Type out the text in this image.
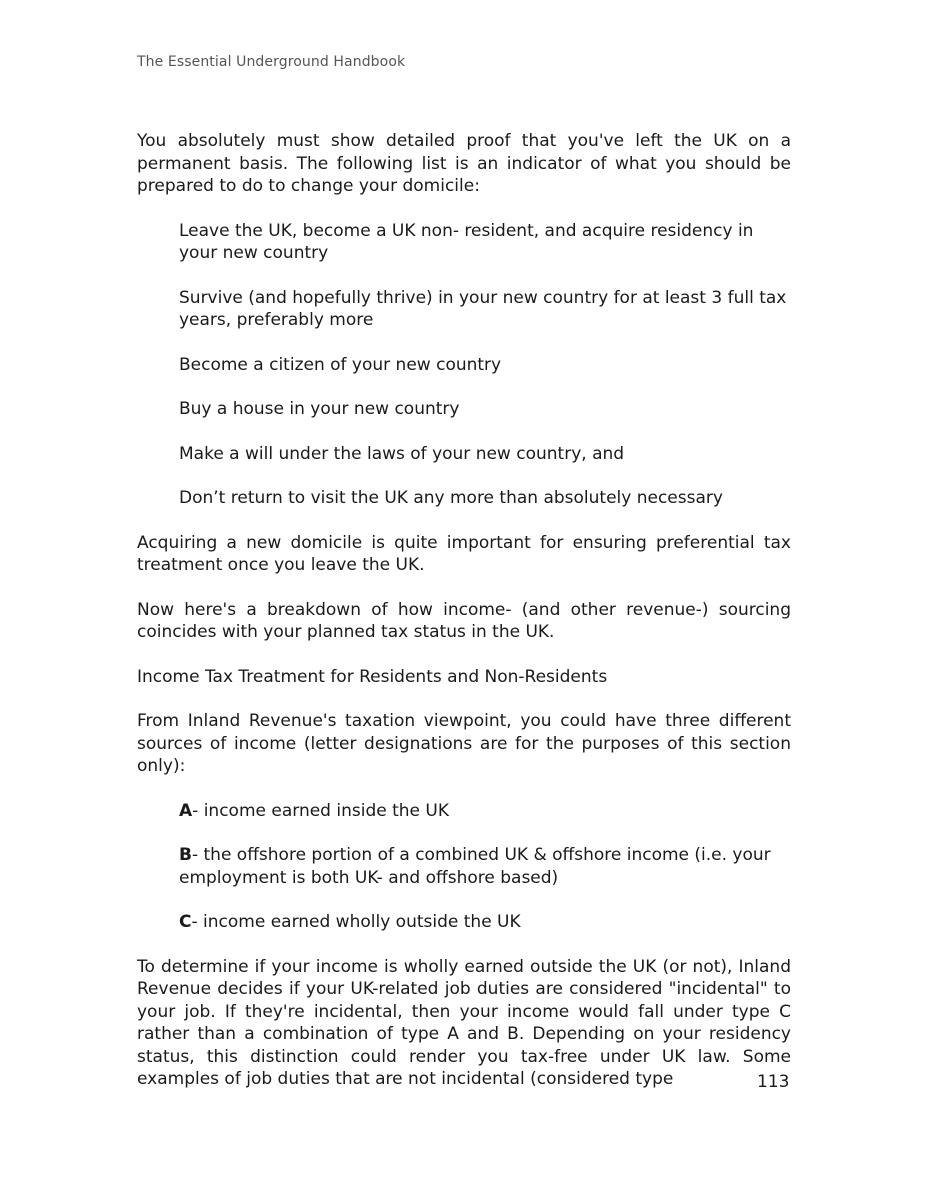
The Essential Underground Handbook

You absolutely must show detailed proof that you've left the UK on a permanent basis. The following list is an indicator of what you should be prepared to do to change your domicile:

Leave the UK, become a UK non- resident, and acquire residency in your new country

Survive (and hopefully thrive) in your new country for at least 3 full tax years, preferably more

Become a citizen of your new country

Buy a house in your new country

Make a will under the laws of your new country, and

Don’t return to visit the UK any more than absolutely necessary

Acquiring a new domicile is quite important for ensuring preferential tax treatment once you leave the UK.

Now here's a breakdown of how income- (and other revenue-) sourcing coincides with your planned tax status in the UK.

Income Tax Treatment for Residents and Non-Residents

From Inland Revenue's taxation viewpoint, you could have three different sources of income (letter designations are for the purposes of this section only):

A- income earned inside the UK

B- the offshore portion of a combined UK & offshore income (i.e. your employment is both UK- and offshore based)

C- income earned wholly outside the UK

To determine if your income is wholly earned outside the UK (or not), Inland Revenue decides if your UK-related job duties are considered "incidental" to your job. If they're incidental, then your income would fall under type C rather than a combination of type A and B. Depending on your residency status, this distinction could render you tax-free under UK law. Some examples of job duties that are not incidental (considered type	113
